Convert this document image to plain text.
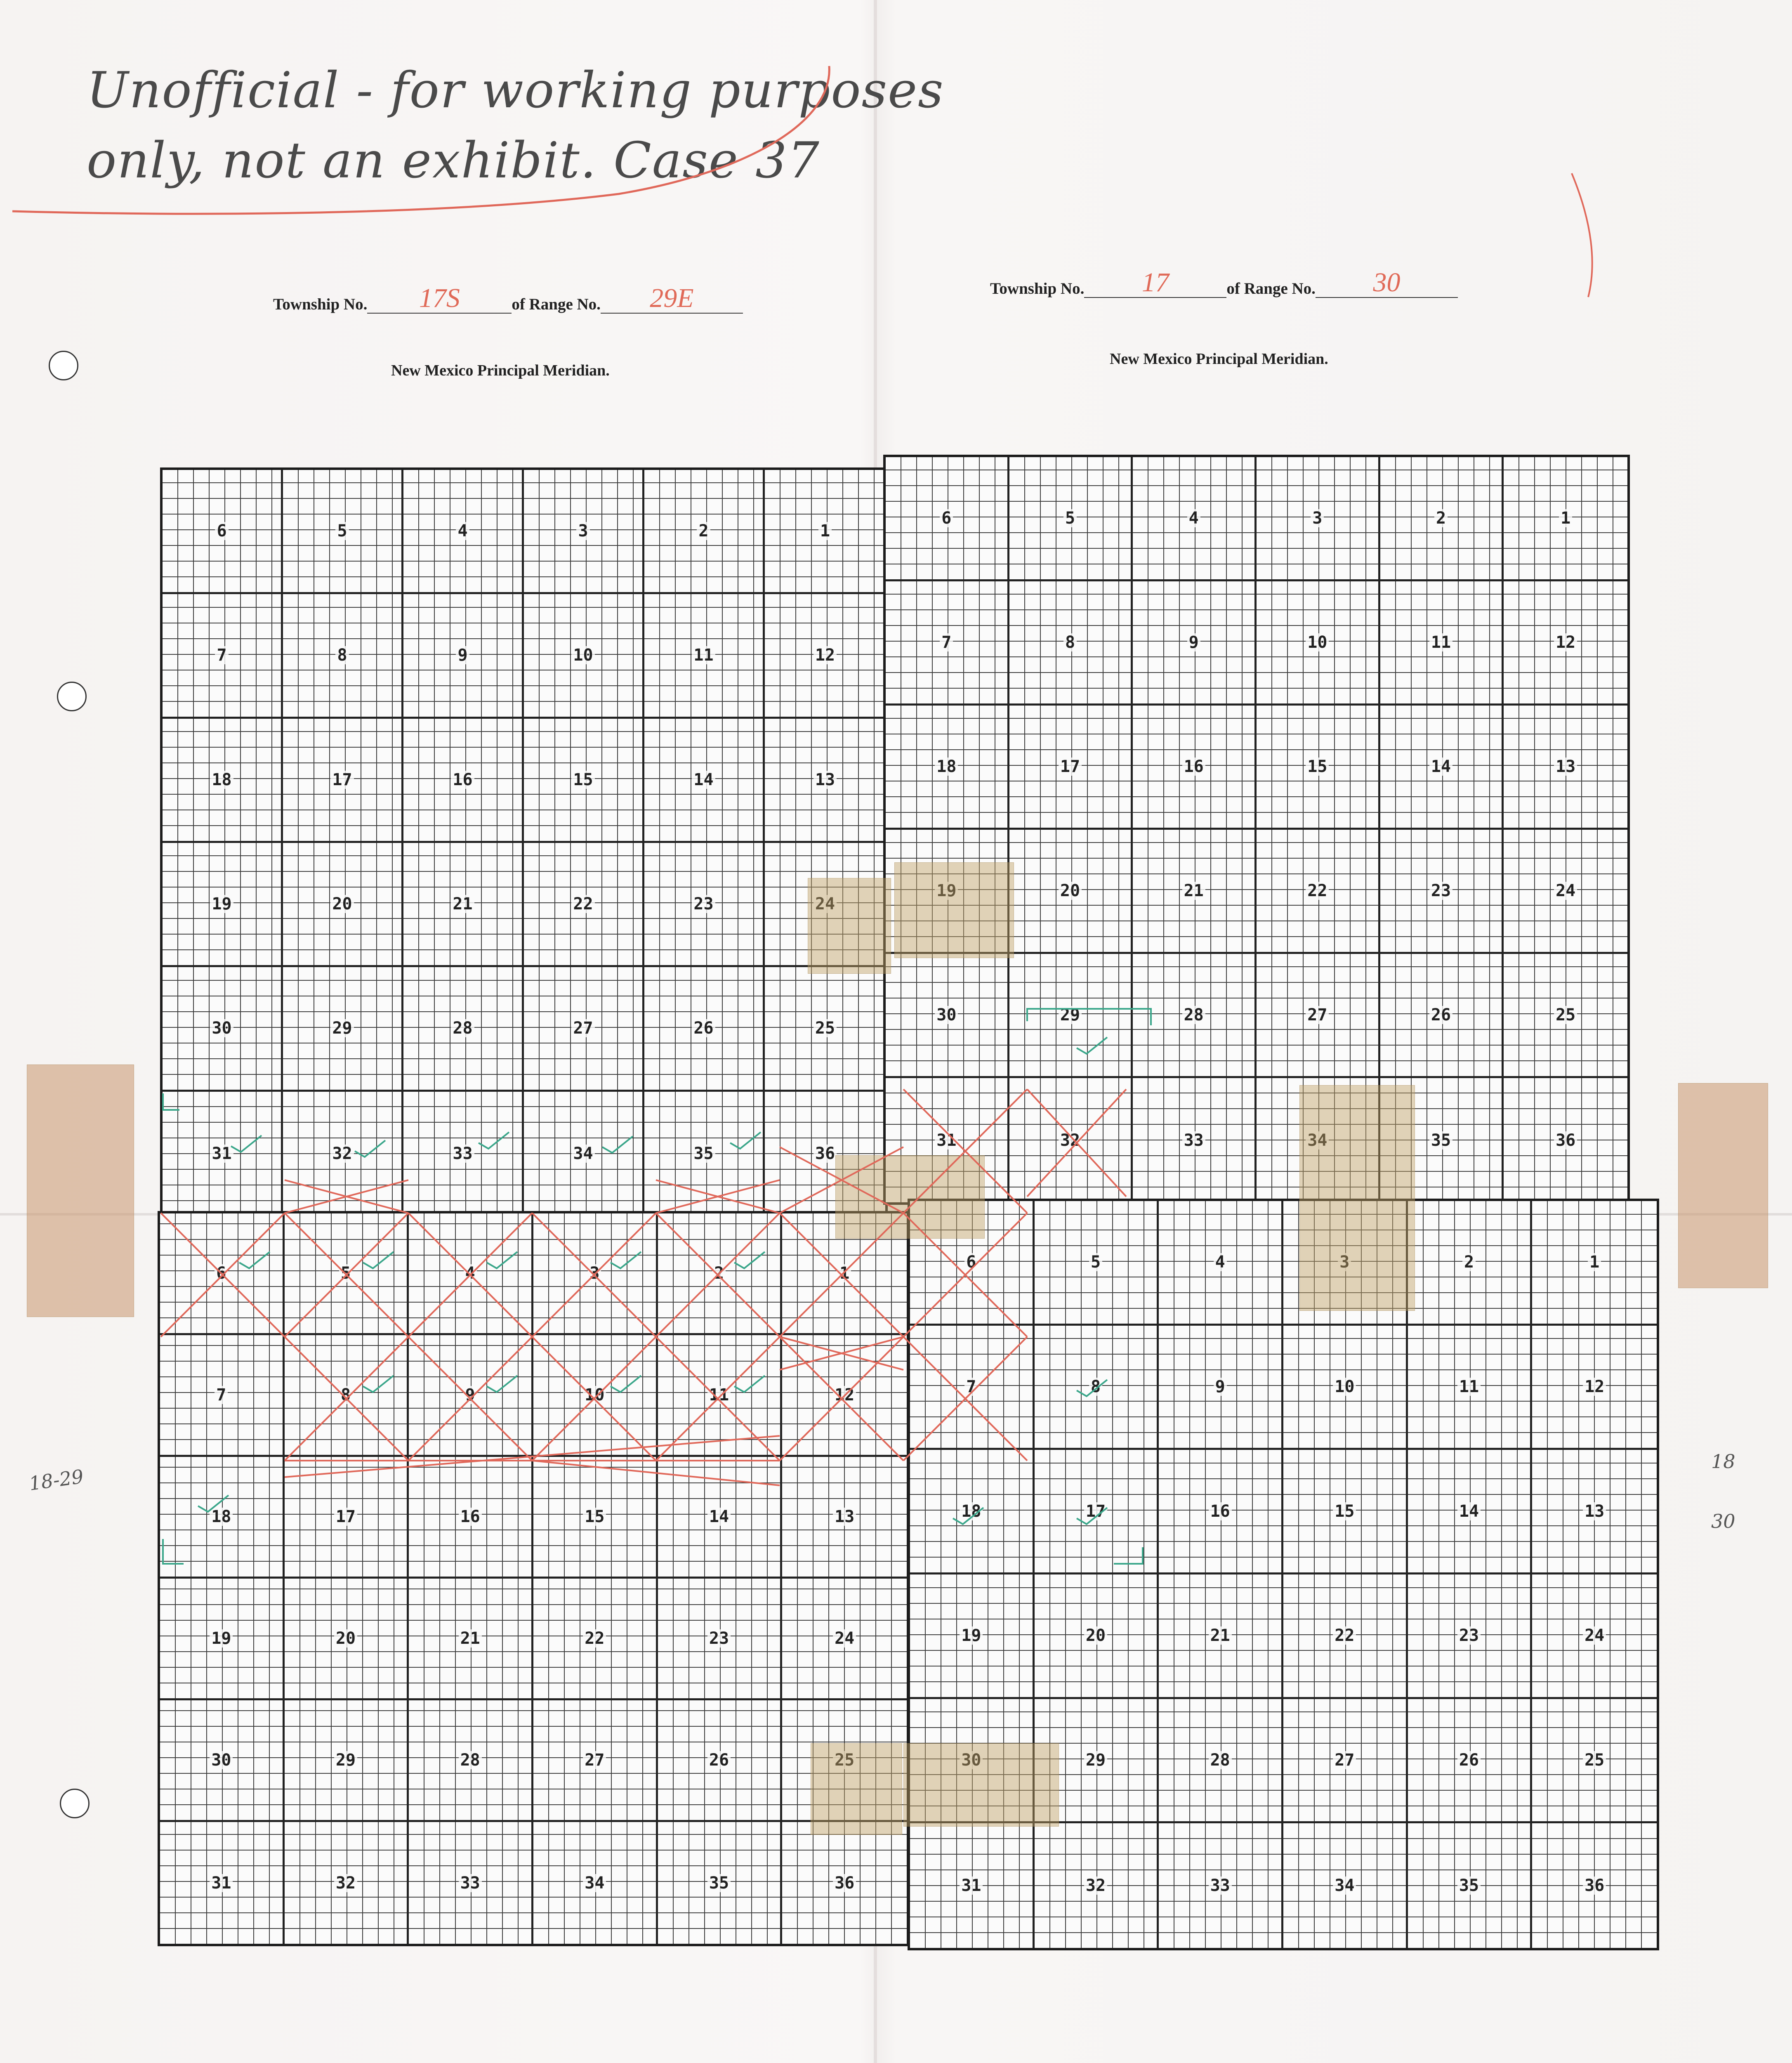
Unofficial - for working purposes
only, not an exhibit. Case 37
Township No. 17S	of Range No. 29E
New Mexico Principal Meridian.
Township No. 17	of Range No. 30
New Mexico Principal Meridian.
6	5	4	3	2	1
7	8	9	10	11	12
18	17	16	15	14	13
19	20	21	22	23	24
30	29	28	27	26	25
31	32	33	34	35	36
6	5	4	3	2	1
7	8	9	10	11	12
18	17	16	15	14	13
19	20	21	22	23	24
30	29	28	27	26	25
31	32	33	34	35	36
6	5	4	3	2	1
7	8	9	10	11	12
18	17	16	15	14	13
19	20	21	22	23	24
30	29	28	27	26	25
31	32	33	34	35	36
6	5	4	3	2	1
7	8	9	10	11	12
18	17	16	15	14	13
19	20	21	22	23	24
30	29	28	27	26	25
31	32	33	34	35	36
18-29
18
30
